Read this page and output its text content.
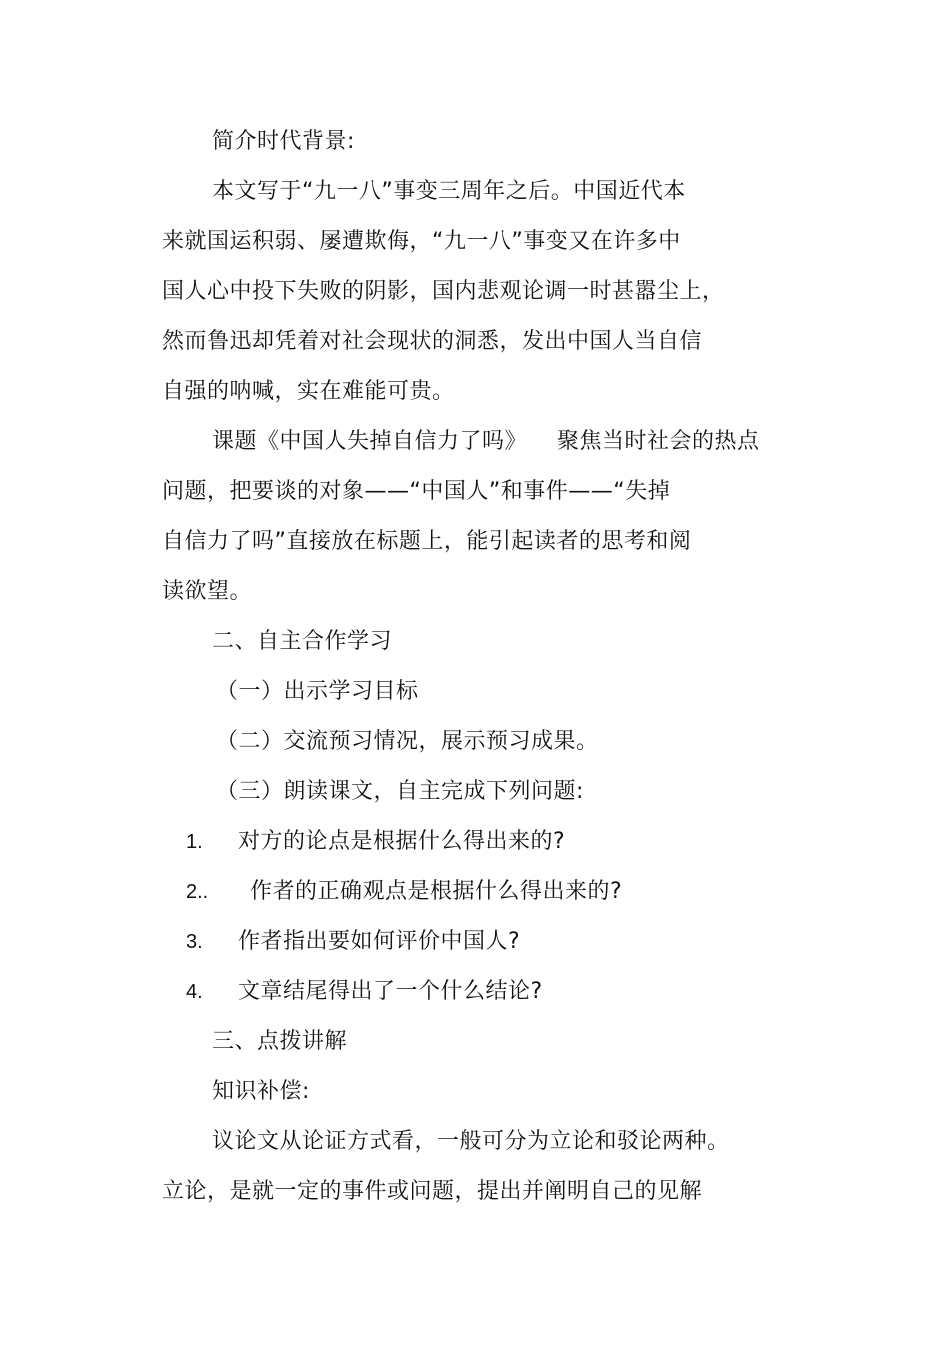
简介时代背景:
本文写于“九一八”事变三周年之后。中国近代本
来就国运积弱、屡遭欺侮，“九一八”事变又在许多中
国人心中投下失败的阴影，国内悲观论调一时甚嚣尘上，
然而鲁迅却凭着对社会现状的洞悉，发出中国人当自信
自强的呐喊，实在难能可贵。
课题《中国人失掉自信力了吗》    聚焦当时社会的热点
问题，把要谈的对象——“中国人”和事件——“失掉
自信力了吗”直接放在标题上，能引起读者的思考和阅
读欲望。
二、自主合作学习
（一）出示学习目标
（二）交流预习情况，展示预习成果。
（三）朗读课文，自主完成下列问题:
1. 对方的论点是根据什么得出来的?
2.. 作者的正确观点是根据什么得出来的?
3. 作者指出要如何评价中国人?
4. 文章结尾得出了一个什么结论?
三、点拨讲解
知识补偿:
议论文从论证方式看，一般可分为立论和驳论两种。
立论，是就一定的事件或问题，提出并阐明自己的见解
